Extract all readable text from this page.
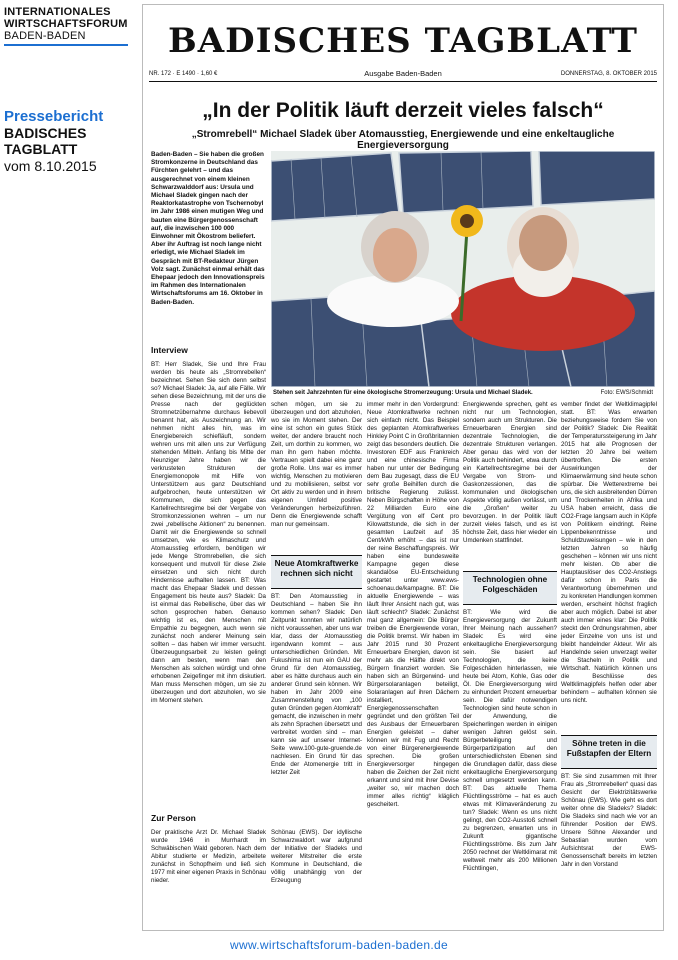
INTERNATIONALES
WIRTSCHAFTSFORUM
BADEN-BADEN
Pressebericht
BADISCHES
TAGBLATT
vom 8.10.2015
BADISCHES TAGBLATT
NR. 172 · E 1490 · 1,60 €	Ausgabe Baden-Baden	DONNERSTAG, 8. OKTOBER 2015
„In der Politik läuft derzeit vieles falsch“
„Stromrebell“ Michael Sladek über Atomausstieg, Energiewende und eine enkeltaugliche Energieversorgung

Baden-Baden – Sie haben die großen Stromkonzerne in Deutschland das Fürchten gelehrt – und das ausgerechnet von einem kleinen Schwarzwalddorf aus: Ursula und Michael Sladek gingen nach der Reaktorkatastrophe von Tschernobyl im Jahr 1986 einen mutigen Weg und bauten eine Bürgergenossenschaft auf, die inzwischen 100 000 Einwohner mit Ökostrom beliefert. Aber ihr Auftrag ist noch lange nicht erledigt, wie Michael Sladek im Gespräch mit BT-Redakteur Jürgen Volz sagt. Zunächst einmal erhält das Ehepaar jedoch den Innovationspreis im Rahmen des Internationalen Wirtschaftsforums am 16. Oktober in Baden-Baden.

Stehen seit Jahrzehnten für eine ökologische Stromerzeugung: Ursula und Michael Sladek.	Foto: EWS/Schmidt
Interview
BT: Herr Sladek, Sie und Ihre Frau werden bis heute als „Stromrebellen“ bezeichnet. Sehen Sie sich denn selbst so? Michael Sladek: Ja, auf alle Fälle. Wir sehen diese Bezeichnung, mit der uns die Presse nach der geglückten Stromnetzübernahme durchaus liebevoll benannt hat, als Auszeichnung an. Wir nehmen nicht alles hin, was im Energiebereich schiefläuft, sondern wehren uns mit allen uns zur Verfügung stehenden Mitteln. Anfang bis Mitte der Neunziger Jahre haben wir die verkrusteten Strukturen der Energiemonopole mit Hilfe von Unterstützern aus ganz Deutschland aufgebrochen, heute unterstützen wir Kommunen, die sich gegen das Kartellrechtsregime bei der Vergabe von Stromkonzessionen wehren – um nur zwei „rebellische Aktionen“ zu benennen. Damit wir die Energiewende so schnell umsetzen, wie es Klimaschutz und Atomausstieg erfordern, benötigen wir jede Menge Stromrebellen, die sich konsequent und mutvoll für diese Ziele einsetzen und sich nicht durch Hindernisse aufhalten lassen. BT: Was macht das Ehepaar Sladek und dessen Engagement bis heute aus? Sladek: Da ist einmal das Rebellische, über das wir schon gesprochen haben. Genauso wichtig ist es, den Menschen mit Empathie zu begegnen, auch wenn sie zunächst noch anderer Meinung sein sollten – das haben wir immer versucht. Überzeugungsarbeit zu leisten gelingt dann am besten, wenn man den Menschen als solchen würdigt und ohne erhobenen Zeigefinger mit ihm diskutiert. Man muss Menschen mögen, um sie zu überzeugen und dort abzuholen, wo sie im Moment stehen.
schen mögen, um sie zu überzeugen und dort abzuholen, wo sie im Moment stehen. Der eine ist schon ein gutes Stück weiter, der andere braucht noch Zeit, um dorthin zu kommen, wo man ihn gern haben möchte. Vertrauen spielt dabei eine ganz große Rolle. Uns war es immer wichtig, Menschen zu motivieren und zu mobilisieren, selbst vor Ort aktiv zu werden und in ihrem eigenen Umfeld positive Veränderungen herbeizuführen. Denn die Energiewende schafft man nur gemeinsam.
Neue Atomkraftwerke rechnen sich nicht
BT: Den Atomausstieg in Deutschland – haben Sie ihn kommen sehen? Sladek: Den Zeitpunkt konnten wir natürlich nicht voraussehen, aber uns war klar, dass der Atomausstieg irgendwann kommt – aus unterschiedlichen Gründen. Mit Fukushima ist nun ein GAU der Grund für den Atomausstieg, aber es hätte durchaus auch ein anderer Grund sein können. Wir haben im Jahr 2009 eine Zusammenstellung von „100 guten Gründen gegen Atomkraft“ gemacht, die inzwischen in mehr als zehn Sprachen übersetzt und verbreitet worden sind – man kann sie auf unserer Internet-Seite www.100-gute-gruende.de nachlesen. Ein Grund für das Ende der Atomenergie tritt in letzter Zeit
immer mehr in den Vordergrund: Neue Atomkraftwerke rechnen sich einfach nicht. Das Beispiel des geplanten Atomkraftwerkes Hinkley Point C in Großbritannien zeigt das besonders deutlich. Die Investoren EDF aus Frankreich und eine chinesische Firma haben nur unter der Bedingung dem Bau zugesagt, dass die EU sehr große Beihilfen durch die britische Regierung zulässt. Neben Bürgschaften in Höhe von 22 Milliarden Euro eine Vergütung von elf Cent pro Kilowattstunde, die sich in der gesamten Laufzeit auf 35 Cent/kWh erhöht – das ist nur der reine Beschaffungspreis. Wir haben eine bundesweite Kampagne gegen diese skandalöse EU-Entscheidung gestartet unter www.ews-schoenau.de/kampagne. BT: Die aktuelle Energiewende – was läuft Ihrer Ansicht nach gut, was läuft schlecht? Sladek: Zunächst mal ganz allgemein: Die Bürger treiben die Energiewende voran, die Politik bremst. Wir haben im Jahr 2015 rund 30 Prozent Erneuerbare Energien, davon ist mehr als die Hälfte direkt von Bürgern finanziert worden. Sie haben sich an Bürgerwind- und Bürgersolaranlagen beteiligt, Solaranlagen auf ihren Dächern installiert, Energiegenossenschaften gegründet und den größten Teil des Ausbaus der Erneuerbaren Energien geleistet – daher können wir mit Fug und Recht von einer Bürgerenergiewende sprechen. Die großen Energieversorger hingegen haben die Zeichen der Zeit nicht erkannt und sind mit ihrer Devise „weiter so, wir machen doch immer alles richtig“ kläglich gescheitert.
Energiewende sprechen, geht es nicht nur um Technologien, sondern auch um Strukturen. Die Erneuerbaren Energien sind dezentrale Technologien, die dezentrale Strukturen verlangen. Aber genau das wird von der Politik auch behindert, etwa durch ein Kartellrechtsregime bei der Vergabe von Strom- und Gaskonzessionen, das die kommunalen und ökologischen Aspekte völlig außen vorlässt, um die „Großen“ weiter zu bevorzugen. In der Politik läuft zurzeit vieles falsch, und es ist höchste Zeit, dass hier wieder ein Umdenken stattfindet.
Technologien ohne Folgeschäden
BT: Wie wird die Energieversorgung der Zukunft Ihrer Meinung nach aussehen? Sladek: Es wird eine enkeltaugliche Energieversorgung sein. Sie basiert auf Technologien, die keine Folgeschäden hinterlassen, wie heute bei Atom, Kohle, Gas oder Öl. Die Energieversorgung wird zu einhundert Prozent erneuerbar sein. Die dafür notwendigen Technologien sind heute schon in der Anwendung, die Speicherlingen werden in einigen wenigen Jahren gelöst sein. Bürgerbeteiligung und Bürgerpartizipation auf den unterschiedlichsten Ebenen sind die Grundlagen dafür, dass diese enkeltaugliche Energieversorgung schnell umgesetzt werden kann. BT: Das aktuelle Thema Flüchtlingsströme – hat es auch etwas mit Klimaveränderung zu tun? Sladek: Wenn es uns nicht gelingt, den CO2-Ausstoß schnell zu begrenzen, erwarten uns in Zukunft gigantische Flüchtlingsströme. Bis zum Jahr 2050 rechnet der Weltklimarat mit weltweit mehr als 200 Millionen Flüchtlingen,
vember findet der Weltklimagipfel statt. BT: Was erwarten beziehungsweise fordern Sie von der Politik? Sladek: Die Realität der Temperaturssteigerung im Jahr 2015 hat alle Prognosen der letzten 20 Jahre bei weitem übertroffen. Die ersten Auswirkungen der Klimaerwärmung sind heute schon spürbar. Die Wetterextreme bei uns, die sich ausbreitenden Dürren und Trockenheiten in Afrika und USA haben erreicht, dass die CO2-Frage langsam auch in Köpfe von Politikern eindringt. Reine Lippenbekenntnisse und Schuldzuweisungen – wie in den letzten Jahren so häufig geschehen – können wir uns nicht mehr leisten. Ob aber die Hauptauslöser des CO2-Anstiegs dafür schon in Paris die Verantwortung übernehmen und zu konkreten Handlungen kommen werden, erscheint höchst fraglich aber auch möglich. Dabei ist aber auch immer eines klar: Die Politik steckt den Ordnungsrahmen, aber jeder Einzelne von uns ist und bleibt handelnder Akteur. Wir als Handelnde seien unverzagt weiter die Stacheln in Politik und Wirtschaft. Natürlich können uns die Beschlüsse des Weltklimagipfels helfen oder aber behindern – aufhalten können sie uns nicht.
Söhne treten in die Fußstapfen der Eltern
BT: Sie sind zusammen mit Ihrer Frau als „Stromrebellen“ quasi das Gesicht der Elektrizitätswerke Schönau (EWS). Wie geht es dort weiter ohne die Sladeks? Sladek: Die Sladeks sind nach wie vor an führender Position der EWS. Unsere Söhne Alexander und Sebastian wurden vom Aufsichtsrat der EWS-Genossenschaft bereits im letzten Jahr in den Vorstand
Zur Person
Der praktische Arzt Dr. Michael Sladek wurde 1946 in Murrhardt im Schwäbischen Wald geboren. Nach dem Abitur studierte er Medizin, arbeitete zunächst in Schopfheim und ließ sich 1977 mit einer eigenen Praxis in Schönau nieder.
Schönau (EWS). Der idyllische Schwarzwaldort war aufgrund der Initiative der Sladeks und weiterer Mitstreiter die erste Kommune in Deutschland, die völlig unabhängig von der Erzeugung
www.wirtschaftsforum-baden-baden.de
